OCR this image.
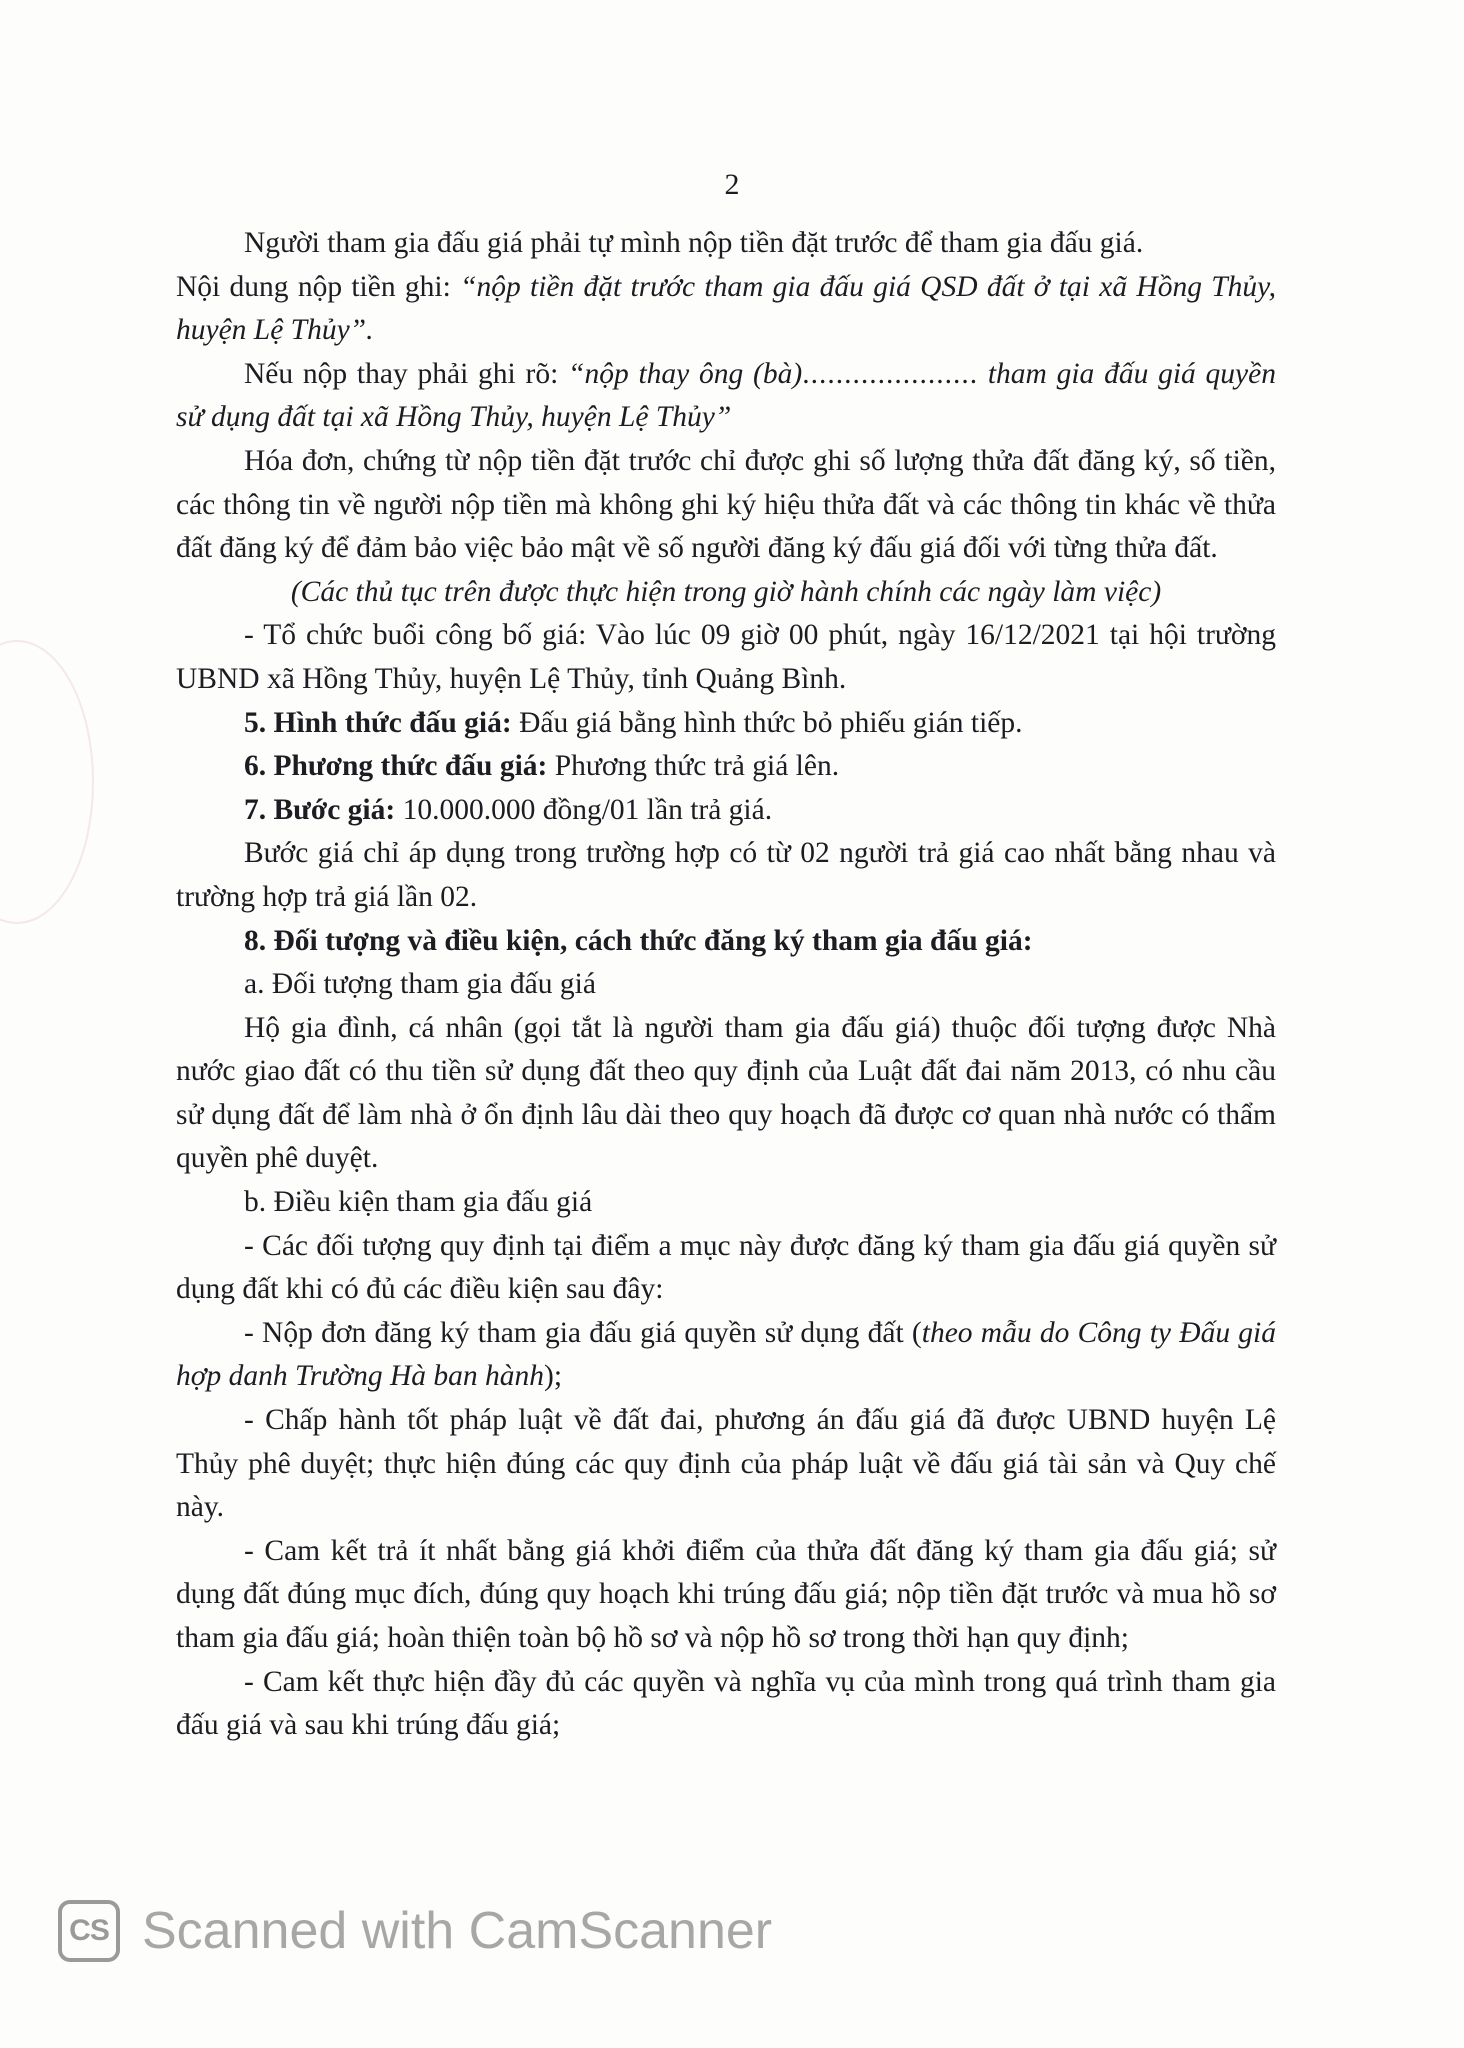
2

Người tham gia đấu giá phải tự mình nộp tiền đặt trước để tham gia đấu giá.

Nội dung nộp tiền ghi: “nộp tiền đặt trước tham gia đấu giá QSD đất ở tại xã Hồng Thủy, huyện Lệ Thủy”.

Nếu nộp thay phải ghi rõ: “nộp thay ông (bà)..................... tham gia đấu giá quyền sử dụng đất tại xã Hồng Thủy, huyện Lệ Thủy”

Hóa đơn, chứng từ nộp tiền đặt trước chỉ được ghi số lượng thửa đất đăng ký, số tiền, các thông tin về người nộp tiền mà không ghi ký hiệu thửa đất và các thông tin khác về thửa đất đăng ký để đảm bảo việc bảo mật về số người đăng ký đấu giá đối với từng thửa đất.

(Các thủ tục trên được thực hiện trong giờ hành chính các ngày làm việc)

- Tổ chức buổi công bố giá: Vào lúc 09 giờ 00 phút, ngày 16/12/2021 tại hội trường UBND xã Hồng Thủy, huyện Lệ Thủy, tỉnh Quảng Bình.

5. Hình thức đấu giá: Đấu giá bằng hình thức bỏ phiếu gián tiếp.

6. Phương thức đấu giá: Phương thức trả giá lên.

7. Bước giá: 10.000.000 đồng/01 lần trả giá.

Bước giá chỉ áp dụng trong trường hợp có từ 02 người trả giá cao nhất bằng nhau và trường hợp trả giá lần 02.

8. Đối tượng và điều kiện, cách thức đăng ký tham gia đấu giá:

a. Đối tượng tham gia đấu giá

Hộ gia đình, cá nhân (gọi tắt là người tham gia đấu giá) thuộc đối tượng được Nhà nước giao đất có thu tiền sử dụng đất theo quy định của Luật đất đai năm 2013, có nhu cầu sử dụng đất để làm nhà ở ổn định lâu dài theo quy hoạch đã được cơ quan nhà nước có thẩm quyền phê duyệt.

b. Điều kiện tham gia đấu giá

- Các đối tượng quy định tại điểm a mục này được đăng ký tham gia đấu giá quyền sử dụng đất khi có đủ các điều kiện sau đây:

- Nộp đơn đăng ký tham gia đấu giá quyền sử dụng đất (theo mẫu do Công ty Đấu giá hợp danh Trường Hà ban hành);

- Chấp hành tốt pháp luật về đất đai, phương án đấu giá đã được UBND huyện Lệ Thủy phê duyệt; thực hiện đúng các quy định của pháp luật về đấu giá tài sản và Quy chế này.

- Cam kết trả ít nhất bằng giá khởi điểm của thửa đất đăng ký tham gia đấu giá; sử dụng đất đúng mục đích, đúng quy hoạch khi trúng đấu giá; nộp tiền đặt trước và mua hồ sơ tham gia đấu giá; hoàn thiện toàn bộ hồ sơ và nộp hồ sơ trong thời hạn quy định;

- Cam kết thực hiện đầy đủ các quyền và nghĩa vụ của mình trong quá trình tham gia đấu giá và sau khi trúng đấu giá;

CS Scanned with CamScanner
